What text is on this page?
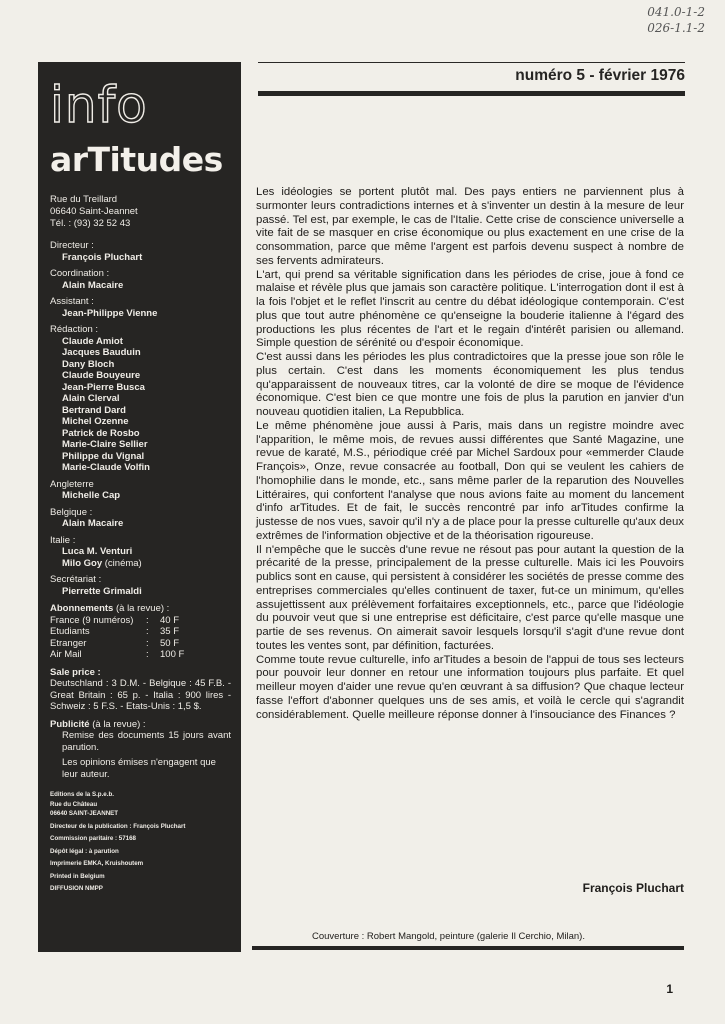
041.0-1-2
026-1.1-2
numéro 5 - février 1976
info
arTitudes
Rue du Treillard
06640 Saint-Jeannet
Tél. : (93) 32 52 43
Directeur :
François Pluchart
Coordination :
Alain Macaire
Assistant :
Jean-Philippe Vienne
Rédaction :
Claude Amiot
Jacques Bauduin
Dany Bloch
Claude Bouyeure
Jean-Pierre Busca
Alain Clerval
Bertrand Dard
Michel Ozenne
Patrick de Rosbo
Marie-Claire Sellier
Philippe du Vignal
Marie-Claude Volfin
Angleterre
Michelle Cap
Belgique :
Alain Macaire
Italie :
Luca M. Venturi
Milo Goy (cinéma)
Secrétariat :
Pierrette Grimaldi
Abonnements (à la revue) :
France (9 numéros)	:	40 F
Etudiants	:	35 F
Etranger	:	50 F
Air Mail	:	100 F
Sale price :
Deutschland : 3 D.M. - Belgique : 45 F.B. - Great Britain : 65 p. - Italia : 900 lires - Schweiz : 5 F.S. - Etats-Unis : 1,5 $.
Publicité (à la revue) :
Remise des documents 15 jours avant parution.
Les opinions émises n'engagent que leur auteur.
Editions de la S.p.e.b.
Rue du Château
06640 SAINT-JEANNET
Directeur de la publication : François Pluchart
Commission paritaire : 57168
Dépôt légal : à parution
Imprimerie EMKA, Kruishoutem
Printed in Belgium
DIFFUSION NMPP

Les idéologies se portent plutôt mal. Des pays entiers ne parviennent plus à surmonter leurs contradictions internes et à s'inventer un destin à la mesure de leur passé. Tel est, par exemple, le cas de l'Italie. Cette crise de conscience universelle a vite fait de se masquer en crise économique ou plus exactement en une crise de la consommation, parce que même l'argent est parfois devenu suspect à nombre de ses fervents admirateurs.

L'art, qui prend sa véritable signification dans les périodes de crise, joue à fond ce malaise et révèle plus que jamais son caractère politique. L'interrogation dont il est à la fois l'objet et le reflet l'inscrit au centre du débat idéologique contemporain. C'est plus que tout autre phénomène ce qu'enseigne la bouderie italienne à l'égard des productions les plus récentes de l'art et le regain d'intérêt parisien ou allemand. Simple question de sérénité ou d'espoir économique.

C'est aussi dans les périodes les plus contradictoires que la presse joue son rôle le plus certain. C'est dans les moments économiquement les plus tendus qu'apparaissent de nouveaux titres, car la volonté de dire se moque de l'évidence économique. C'est bien ce que montre une fois de plus la parution en janvier d'un nouveau quotidien italien, La Repubblica.

Le même phénomène joue aussi à Paris, mais dans un registre moindre avec l'apparition, le même mois, de revues aussi différentes que Santé Magazine, une revue de karaté, M.S., périodique créé par Michel Sardoux pour «emmerder Claude François», Onze, revue consacrée au football, Don qui se veulent les cahiers de l'homophilie dans le monde, etc., sans même parler de la reparution des Nouvelles Littéraires, qui confortent l'analyse que nous avions faite au moment du lancement d'info arTitudes. Et de fait, le succès rencontré par info arTitudes confirme la justesse de nos vues, savoir qu'il n'y a de place pour la presse culturelle qu'aux deux extrêmes de l'information objective et de la théorisation rigoureuse.

Il n'empêche que le succès d'une revue ne résout pas pour autant la question de la précarité de la presse, principalement de la presse culturelle. Mais ici les Pouvoirs publics sont en cause, qui persistent à considérer les sociétés de presse comme des entreprises commerciales qu'elles continuent de taxer, fut-ce un minimum, qu'elles assujettissent aux prélèvement forfaitaires exceptionnels, etc., parce que l'idéologie du pouvoir veut que si une entreprise est déficitaire, c'est parce qu'elle masque une partie de ses revenus. On aimerait savoir lesquels lorsqu'il s'agit d'une revue dont toutes les ventes sont, par définition, facturées.

Comme toute revue culturelle, info arTitudes a besoin de l'appui de tous ses lecteurs pour pouvoir leur donner en retour une information toujours plus parfaite. Et quel meilleur moyen d'aider une revue qu'en œuvrant à sa diffusion? Que chaque lecteur fasse l'effort d'abonner quelques uns de ses amis, et voilà le cercle qui s'agrandit considérablement. Quelle meilleure réponse donner à l'insouciance des Finances ?

François Pluchart
Couverture : Robert Mangold, peinture (galerie Il Cerchio, Milan).
1
